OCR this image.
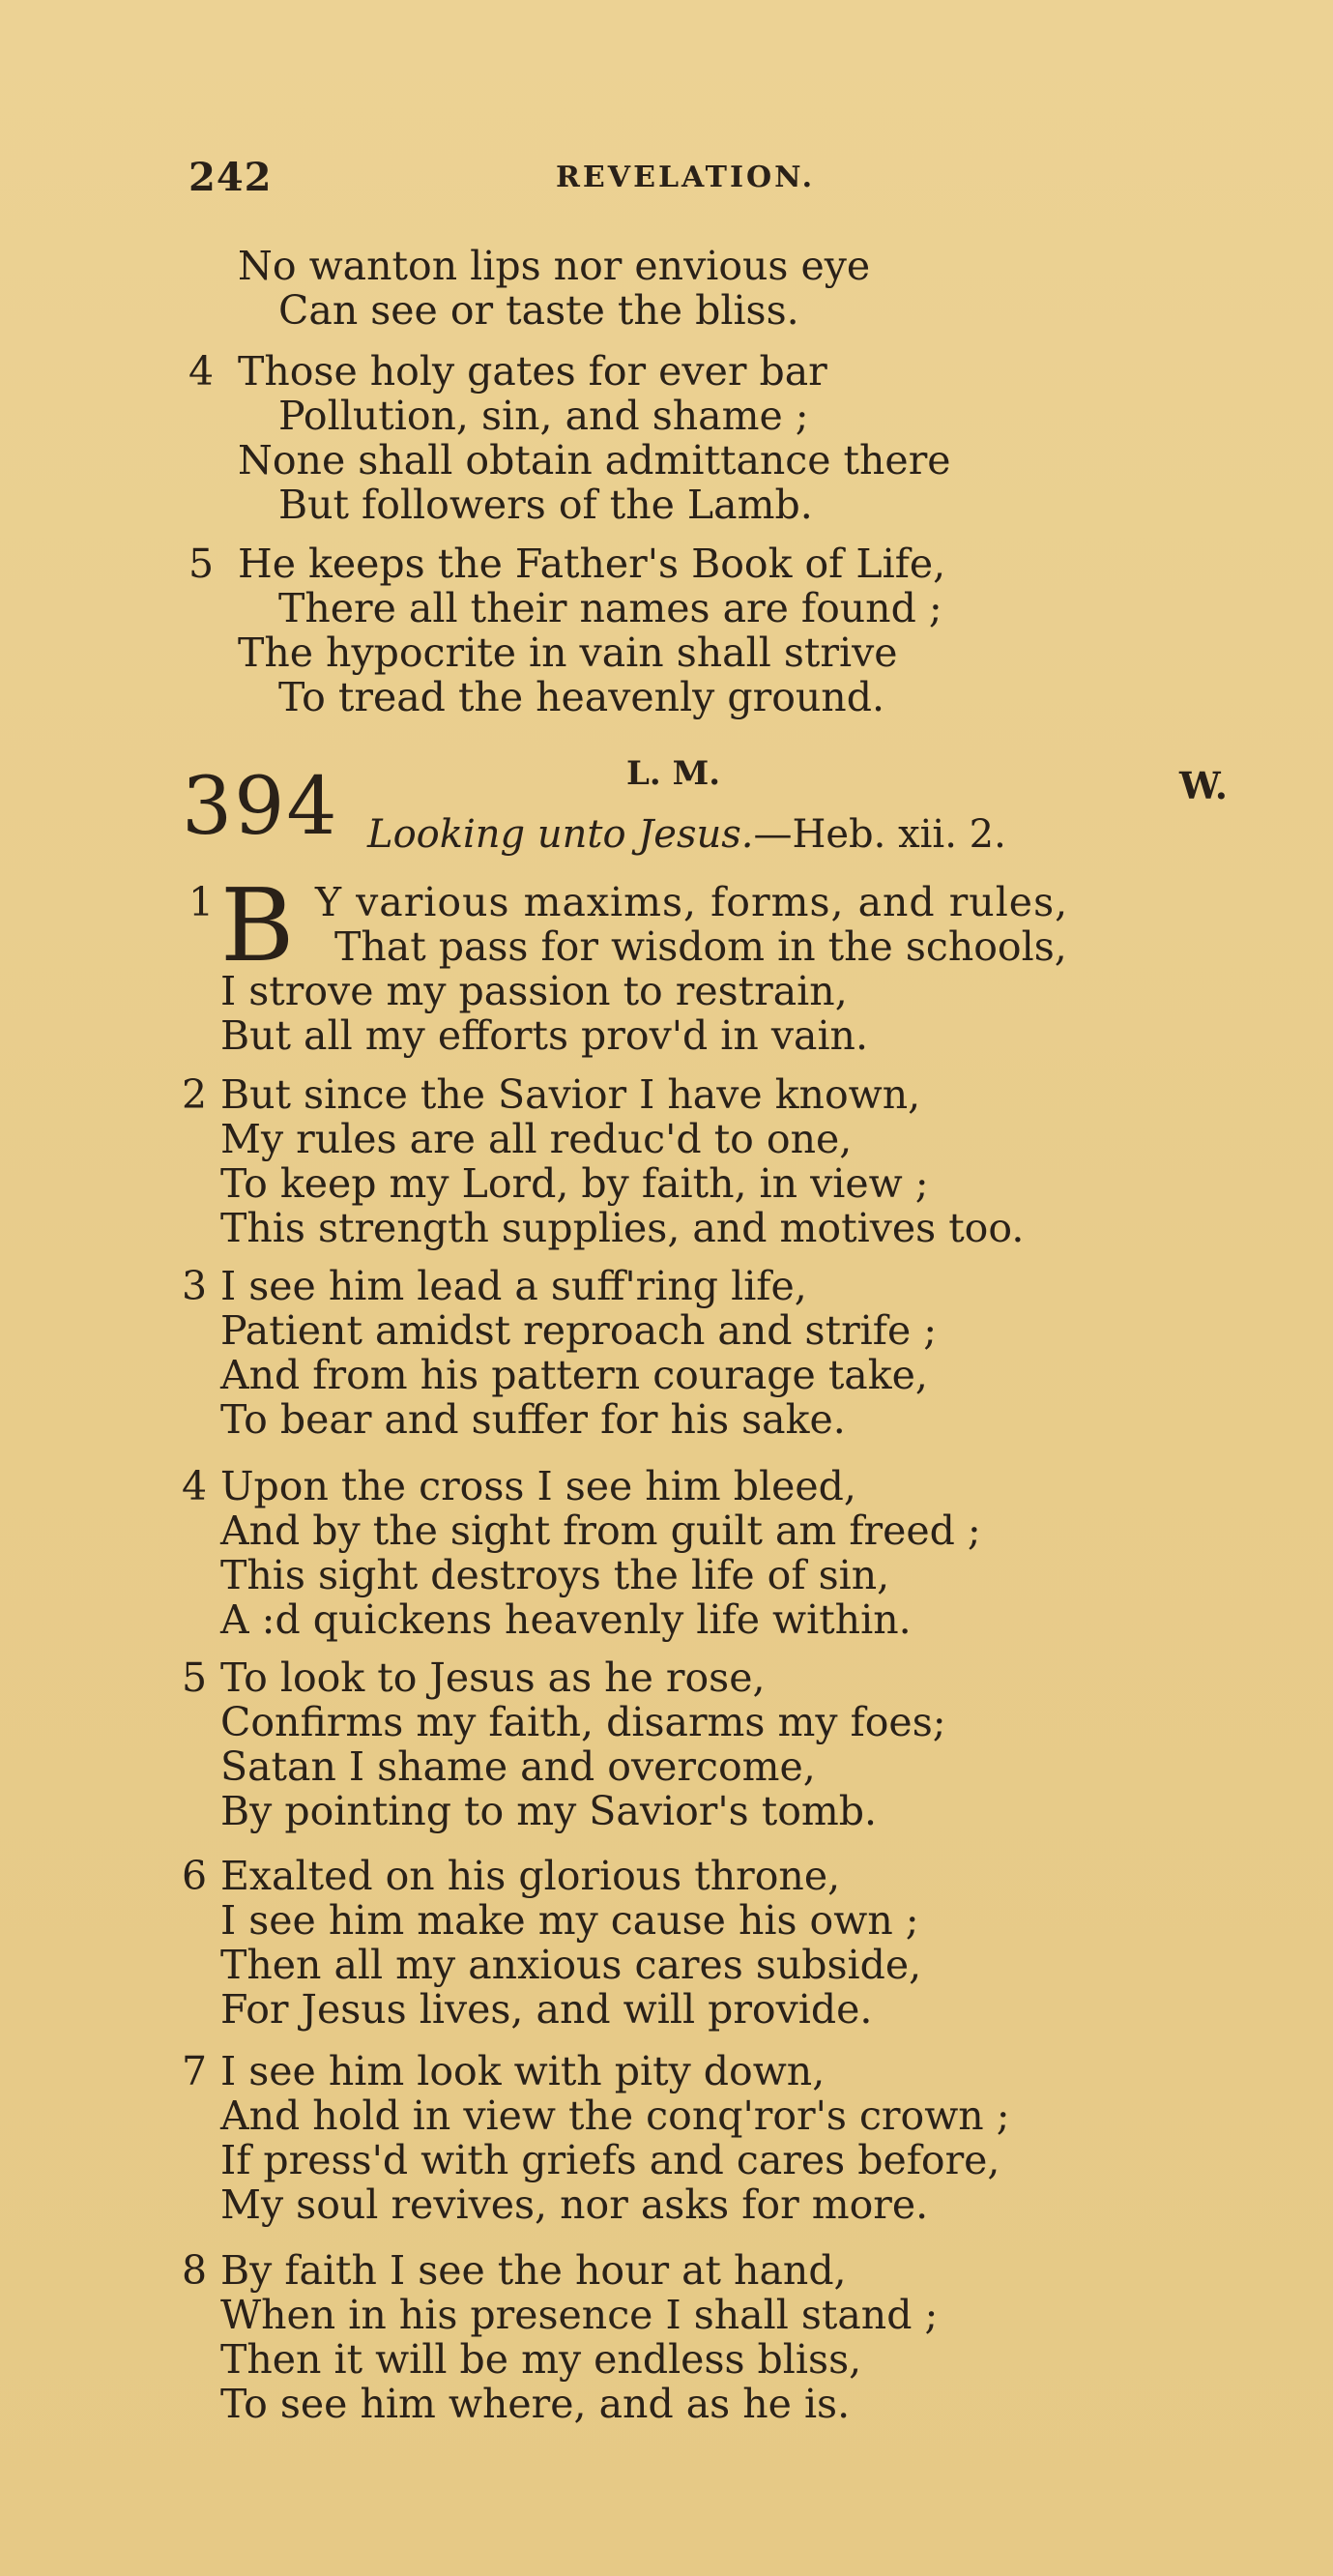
242	REVELATION.
No wanton lips nor envious eye
Can see or taste the bliss.
4 Those holy gates for ever bar
Pollution, sin, and shame ;
None shall obtain admittance there
But followers of the Lamb.
5 He keeps the Father's Book of Life,
There all their names are found ;
The hypocrite in vain shall strive
To tread the heavenly ground.
394	L. M.	W.
Looking unto Jesus.—Heb. xii. 2.
1 B Y various maxims, forms, and rules,
That pass for wisdom in the schools,
I strove my passion to restrain,
But all my efforts prov'd in vain.
2 But since the Savior I have known,
My rules are all reduc'd to one,
To keep my Lord, by faith, in view ;
This strength supplies, and motives too.
3 I see him lead a suff'ring life,
Patient amidst reproach and strife ;
And from his pattern courage take,
To bear and suffer for his sake.
4 Upon the cross I see him bleed,
And by the sight from guilt am freed ;
This sight destroys the life of sin,
A :d quickens heavenly life within.
5 To look to Jesus as he rose,
Confirms my faith, disarms my foes;
Satan I shame and overcome,
By pointing to my Savior's tomb.
6 Exalted on his glorious throne,
I see him make my cause his own ;
Then all my anxious cares subside,
For Jesus lives, and will provide.
7 I see him look with pity down,
And hold in view the conq'ror's crown ;
If press'd with griefs and cares before,
My soul revives, nor asks for more.
8 By faith I see the hour at hand,
When in his presence I shall stand ;
Then it will be my endless bliss,
To see him where, and as he is.
